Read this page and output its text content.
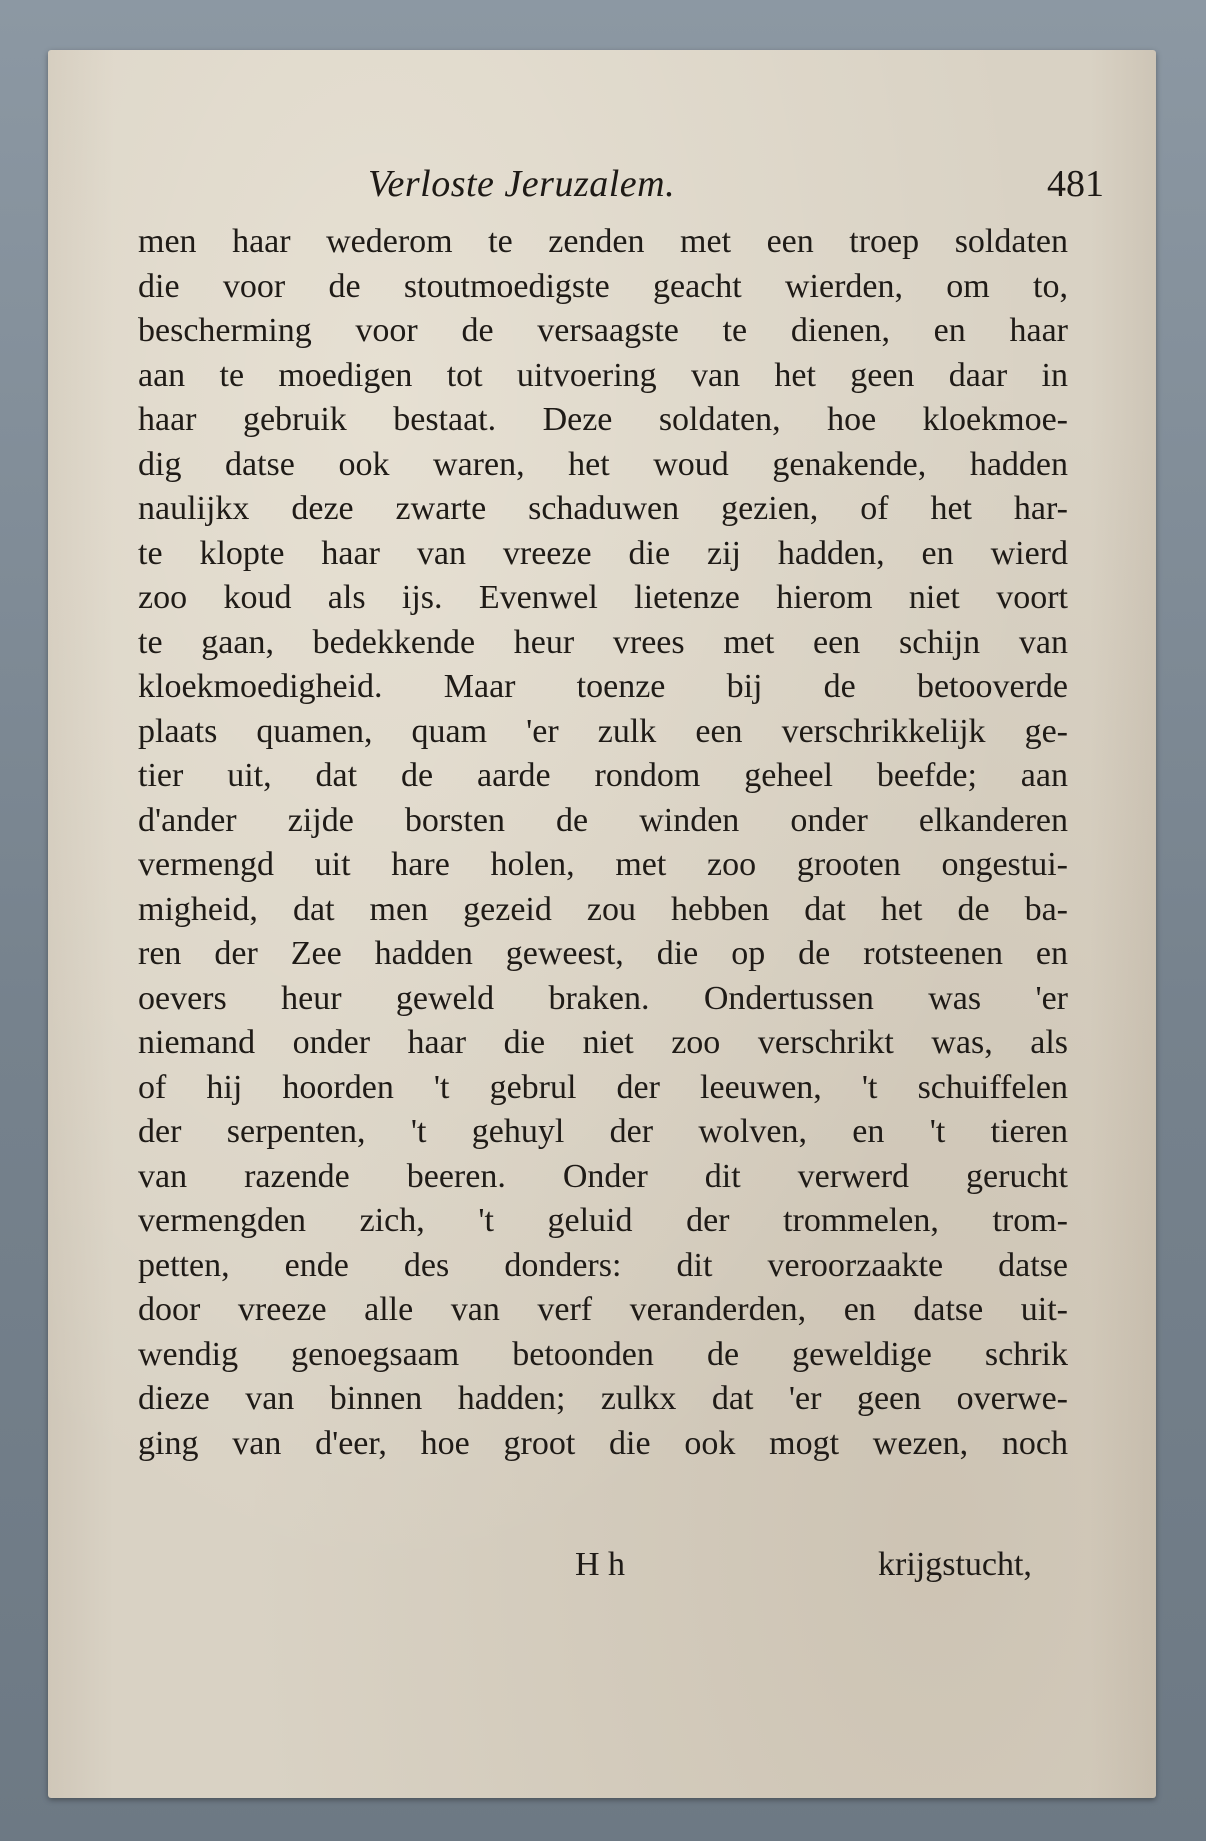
Verloste Jeruzalem.	481
men haar wederom te zenden met een troep soldaten
die voor de stoutmoedigste geacht wierden, om to,
bescherming voor de versaagste te dienen, en haar
aan te moedigen tot uitvoering van het geen daar in
haar gebruik bestaat. Deze soldaten, hoe kloekmoe-
dig datse ook waren, het woud genakende, hadden
naulijkx deze zwarte schaduwen gezien, of het har-
te klopte haar van vreeze die zij hadden, en wierd
zoo koud als ijs. Evenwel lietenze hierom niet voort
te gaan, bedekkende heur vrees met een schijn van
kloekmoedigheid. Maar toenze bij de betooverde
plaats quamen, quam 'er zulk een verschrikkelijk ge-
tier uit, dat de aarde rondom geheel beefde; aan
d'ander zijde borsten de winden onder elkanderen
vermengd uit hare holen, met zoo grooten ongestui-
migheid, dat men gezeid zou hebben dat het de ba-
ren der Zee hadden geweest, die op de rotsteenen en
oevers heur geweld braken. Ondertussen was 'er
niemand onder haar die niet zoo verschrikt was, als
of hij hoorden 't gebrul der leeuwen, 't schuiffelen
der serpenten, 't gehuyl der wolven, en 't tieren
van razende beeren. Onder dit verwerd gerucht
vermengden zich, 't geluid der trommelen, trom-
petten, ende des donders: dit veroorzaakte datse
door vreeze alle van verf veranderden, en datse uit-
wendig genoegsaam betoonden de geweldige schrik
dieze van binnen hadden; zulkx dat 'er geen overwe-
ging van d'eer, hoe groot die ook mogt wezen, noch
H h	krijgstucht,
